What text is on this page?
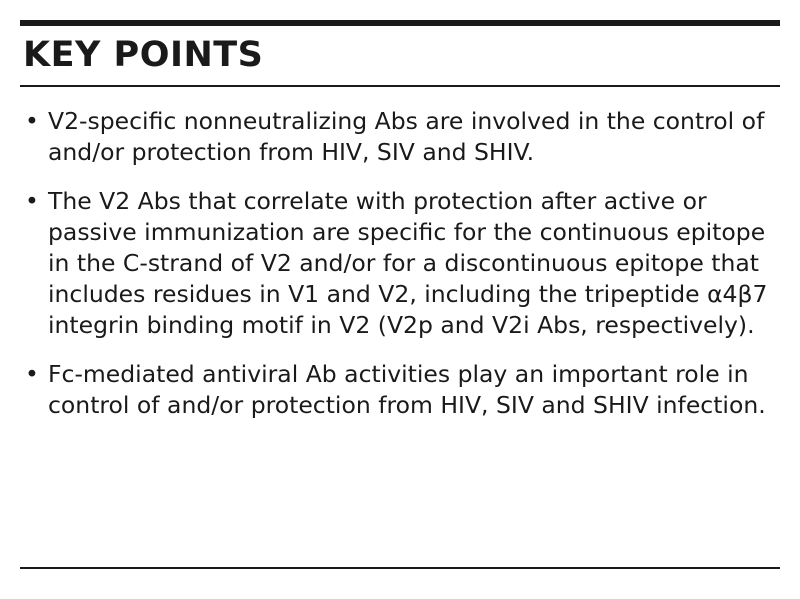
KEY POINTS
• V2-specific nonneutralizing Abs are involved in the control of and/or protection from HIV, SIV and SHIV.
• The V2 Abs that correlate with protection after active or passive immunization are specific for the continuous epitope in the C-strand of V2 and/or for a discontinuous epitope that includes residues in V1 and V2, including the tripeptide α4β7 integrin binding motif in V2 (V2p and V2i Abs, respectively).
• Fc-mediated antiviral Ab activities play an important role in control of and/or protection from HIV, SIV and SHIV infection.
